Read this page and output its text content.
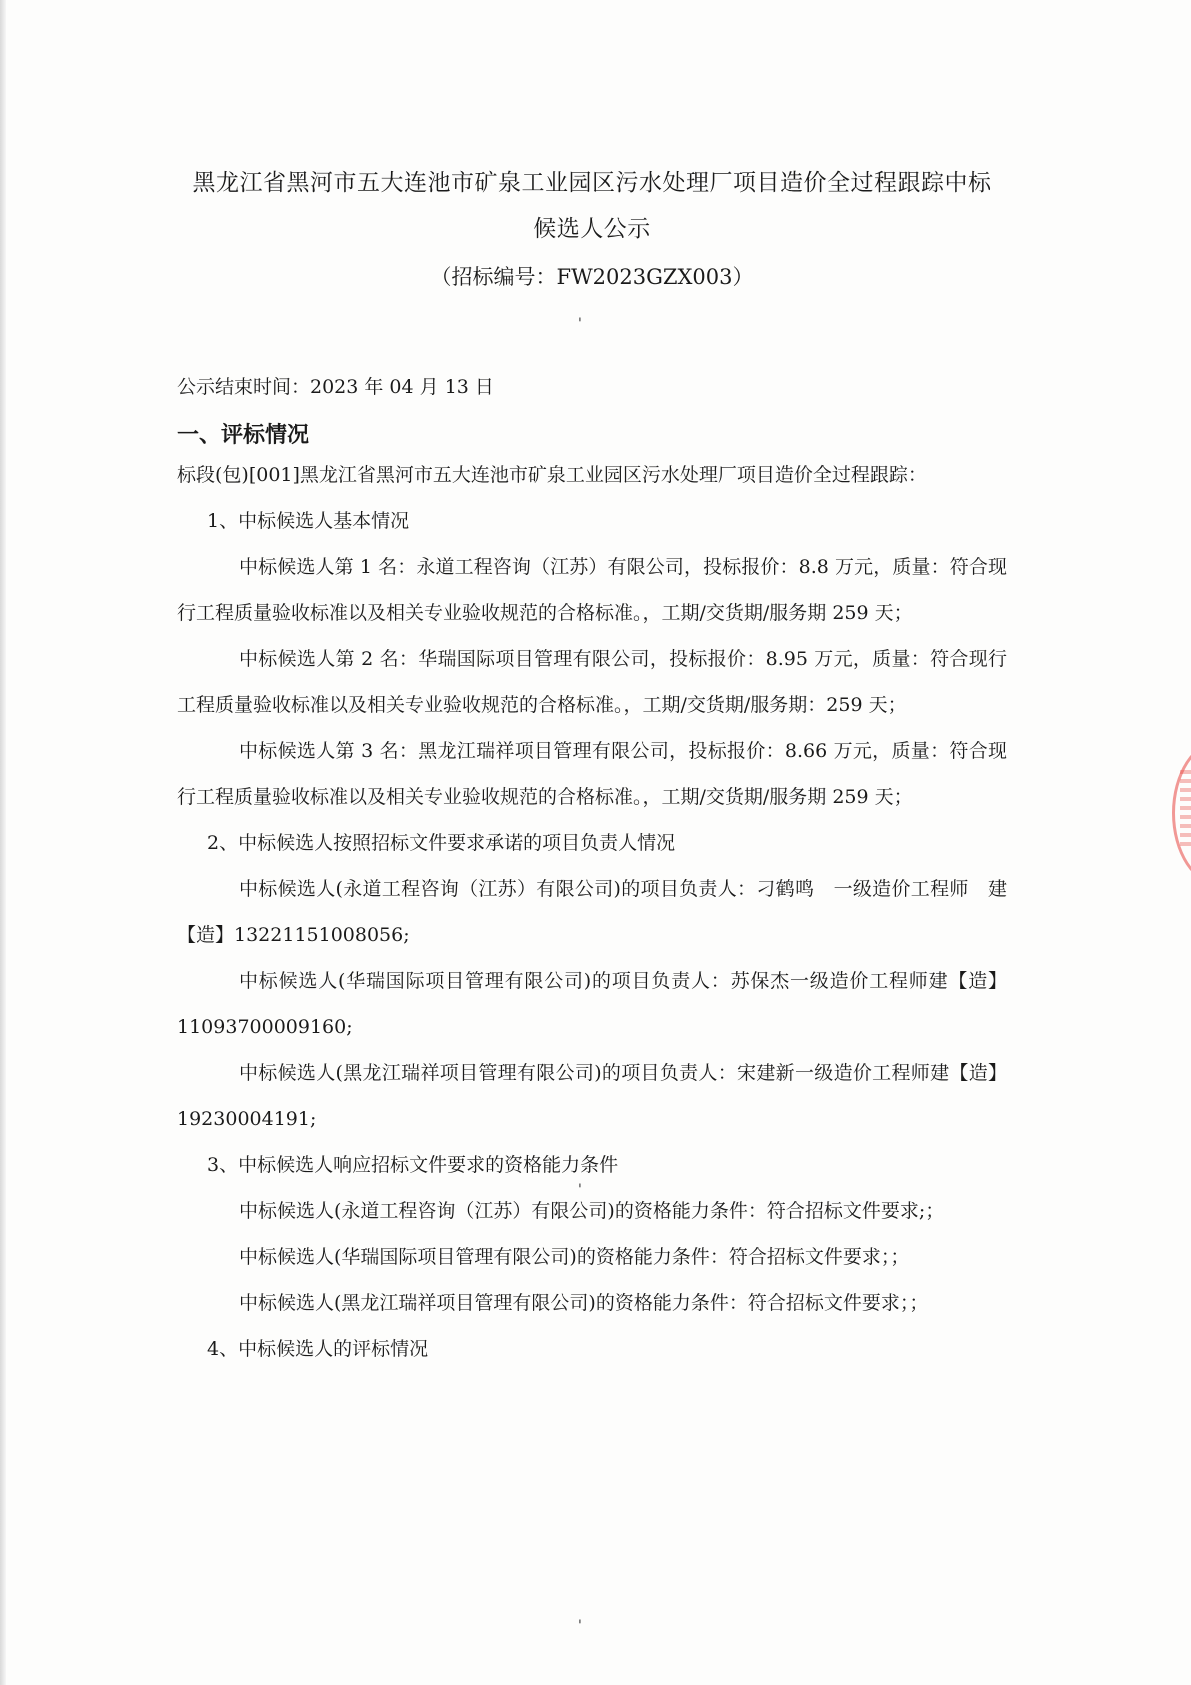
黑龙江省黑河市五大连池市矿泉工业园区污水处理厂项目造价全过程跟踪中标
候选人公示
（招标编号：FW2023GZX003）
公示结束时间：2023 年 04 月 13 日
一、评标情况
标段(包)[001]黑龙江省黑河市五大连池市矿泉工业园区污水处理厂项目造价全过程跟踪：
1、中标候选人基本情况
中标候选人第 1 名：永道工程咨询（江苏）有限公司，投标报价：8.8 万元，质量：符合现行工程质量验收标准以及相关专业验收规范的合格标准。，工期/交货期/服务期 259 天；
中标候选人第 2 名：华瑞国际项目管理有限公司，投标报价：8.95 万元，质量：符合现行工程质量验收标准以及相关专业验收规范的合格标准。，工期/交货期/服务期：259 天；
中标候选人第 3 名：黑龙江瑞祥项目管理有限公司，投标报价：8.66 万元，质量：符合现行工程质量验收标准以及相关专业验收规范的合格标准。，工期/交货期/服务期 259 天；
2、中标候选人按照招标文件要求承诺的项目负责人情况
中标候选人(永道工程咨询（江苏）有限公司)的项目负责人：刁鹤鸣　一级造价工程师　建【造】13221151008056;
中标候选人(华瑞国际项目管理有限公司)的项目负责人：苏保杰一级造价工程师建【造】11093700009160;
中标候选人(黑龙江瑞祥项目管理有限公司)的项目负责人：宋建新一级造价工程师建【造】19230004191;
3、中标候选人响应招标文件要求的资格能力条件
中标候选人(永道工程咨询（江苏）有限公司)的资格能力条件：符合招标文件要求;；
中标候选人(华瑞国际项目管理有限公司)的资格能力条件：符合招标文件要求；；
中标候选人(黑龙江瑞祥项目管理有限公司)的资格能力条件：符合招标文件要求；；
4、中标候选人的评标情况
'
'
'
